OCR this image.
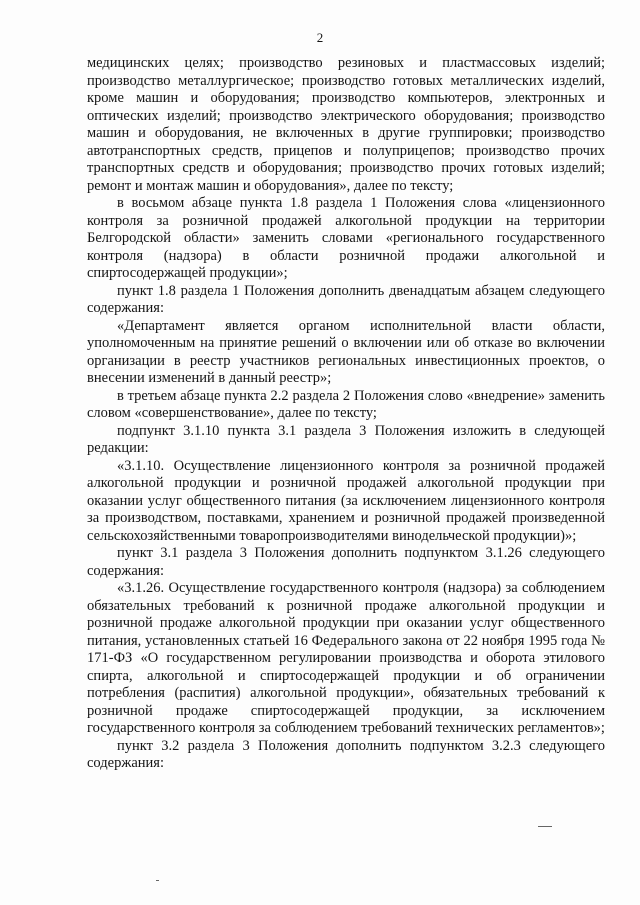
2

медицинских целях; производство резиновых и пластмассовых изделий; производство металлургическое; производство готовых металлических изделий, кроме машин и оборудования; производство компьютеров, электронных и оптических изделий; производство электрического оборудования; производство машин и оборудования, не включенных в другие группировки; производство автотранспортных средств, прицепов и полуприцепов; производство прочих транспортных средств и оборудования; производство прочих готовых изделий; ремонт и монтаж машин и оборудования», далее по тексту;

в восьмом абзаце пункта 1.8 раздела 1 Положения слова «лицензионного контроля за розничной продажей алкогольной продукции на территории Белгородской области» заменить словами «регионального государственного контроля (надзора) в области розничной продажи алкогольной и спиртосодержащей продукции»;

пункт 1.8 раздела 1 Положения дополнить двенадцатым абзацем следующего содержания:

«Департамент является органом исполнительной власти области, уполномоченным на принятие решений о включении или об отказе во включении организации в реестр участников региональных инвестиционных проектов, о внесении изменений в данный реестр»;

в третьем абзаце пункта 2.2 раздела 2 Положения слово «внедрение» заменить словом «совершенствование», далее по тексту;

подпункт 3.1.10 пункта 3.1 раздела 3 Положения изложить в следующей редакции:

«3.1.10. Осуществление лицензионного контроля за розничной продажей алкогольной продукции и розничной продажей алкогольной продукции при оказании услуг общественного питания (за исключением лицензионного контроля за производством, поставками, хранением и розничной продажей произведенной сельскохозяйственными товаропроизводителями винодельческой продукции)»;

пункт 3.1 раздела 3 Положения дополнить подпунктом 3.1.26 следующего содержания:

«3.1.26. Осуществление государственного контроля (надзора) за соблюдением обязательных требований к розничной продаже алкогольной продукции и розничной продаже алкогольной продукции при оказании услуг общественного питания, установленных статьей 16 Федерального закона от 22 ноября 1995 года № 171-ФЗ «О государственном регулировании производства и оборота этилового спирта, алкогольной и спиртосодержащей продукции и об ограничении потребления (распития) алкогольной продукции», обязательных требований к розничной продаже спиртосодержащей продукции, за исключением государственного контроля за соблюдением требований технических регламентов»;

пункт 3.2 раздела 3 Положения дополнить подпунктом 3.2.3 следующего содержания:
